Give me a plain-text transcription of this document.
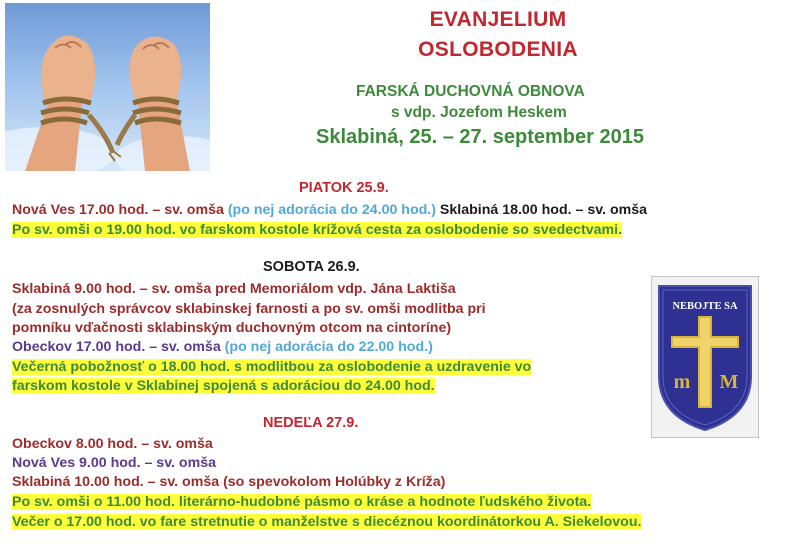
EVANJELIUM
OSLOBODENIA
FARSKÁ DUCHOVNÁ OBNOVA
s vdp. Jozefom Heskem
Sklabiná, 25. – 27. september 2015
PIATOK 25.9.
Nová Ves 17.00 hod. – sv. omša (po nej adorácia do 24.00 hod.) Sklabiná 18.00 hod. – sv. omša
Po sv. omši o 19.00 hod. vo farskom kostole krížová cesta za oslobodenie so svedectvami.
SOBOTA 26.9.
Sklabiná 9.00 hod. – sv. omša pred Memoriálom vdp. Jána Laktiša
(za zosnulých správcov sklabinskej farnosti a po sv. omši modlitba pri
pomníku vďačnosti sklabinským duchovným otcom na cintoríne)
Obeckov 17.00 hod. – sv. omša (po nej adorácia do 22.00 hod.)
Večerná pobožnosť o 18.00 hod. s modlitbou za oslobodenie a uzdravenie vo
farskom kostole v Sklabinej spojená s adoráciou do 24.00 hod.
NEDEĽA 27.9.
Obeckov 8.00 hod. – sv. omša
Nová Ves 9.00 hod. – sv. omša
Sklabiná 10.00 hod. – sv. omša (so spevokolom Holúbky z Kríža)
Po sv. omši o 11.00 hod. literárno-hudobné pásmo o kráse a hodnote ľudského života.
Večer o 17.00 hod. vo fare stretnutie o manželstve s diecéznou koordinátorkou A. Siekelovou.
NEBOJTE SA
m M
